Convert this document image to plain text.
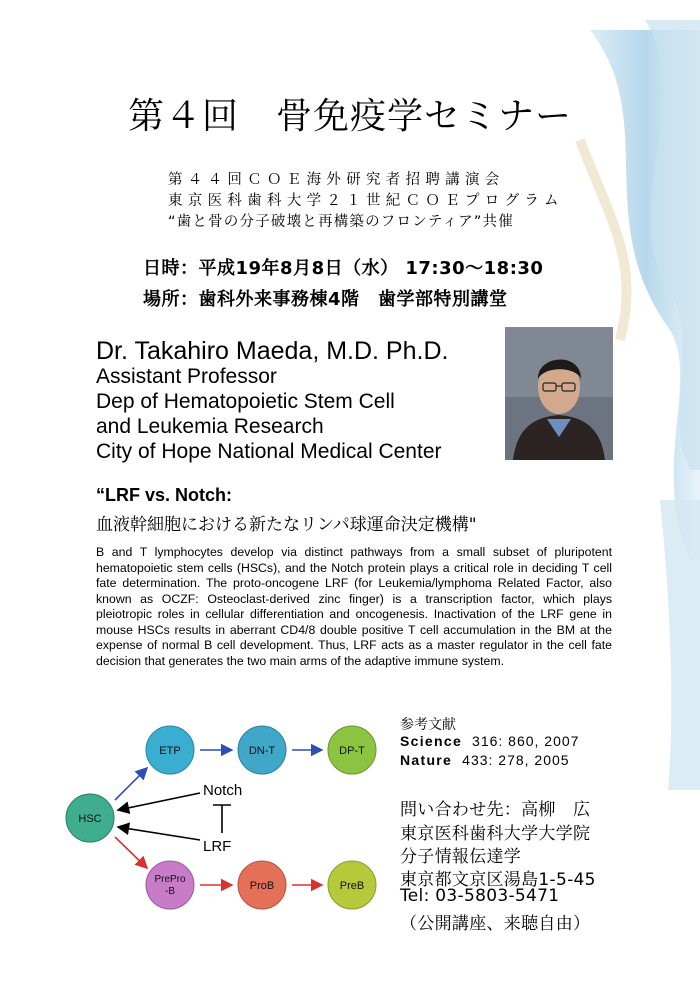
第４回　骨免疫学セミナー
第４４回ＣＯＥ海外研究者招聘講演会
東京医科歯科大学２１世紀ＣＯＥプログラム
“歯と骨の分子破壊と再構築のフロンティア”共催
日時：平成19年8月8日（水） 17:30〜18:30
場所：歯科外来事務棟4階　歯学部特別講堂
Dr. Takahiro Maeda, M.D. Ph.D.
Assistant Professor
Dep of Hematopoietic Stem Cell
and Leukemia Research
City of Hope National Medical Center
“LRF vs. Notch:
血液幹細胞における新たなリンパ球運命決定機構"
B and T lymphocytes develop via distinct pathways from a small subset of pluripotent hematopoietic stem cells (HSCs), and the Notch protein plays a critical role in deciding T cell fate determination. The proto-oncogene LRF (for Leukemia/lymphoma Related Factor, also known as OCZF: Osteoclast-derived zinc finger) is a transcription factor, which plays pleiotropic roles in cellular differentiation and oncogenesis. Inactivation of the LRF gene in mouse HSCs results in aberrant CD4/8 double positive T cell accumulation in the BM at the expense of normal B cell development. Thus, LRF acts as a master regulator in the cell fate decision that generates the two main arms of the adaptive immune system.
参考文献
Science 316: 860, 2007
Nature 433: 278, 2005
問い合わせ先：高柳　広
東京医科歯科大学大学院
分子情報伝達学
東京都文京区湯島1-5-45
Tel: 03-5803-5471
（公開講座、来聴自由）
HSC
ETP	DN-T	DP-T
PrePro
-B	ProB	PreB
Notch
LRF
